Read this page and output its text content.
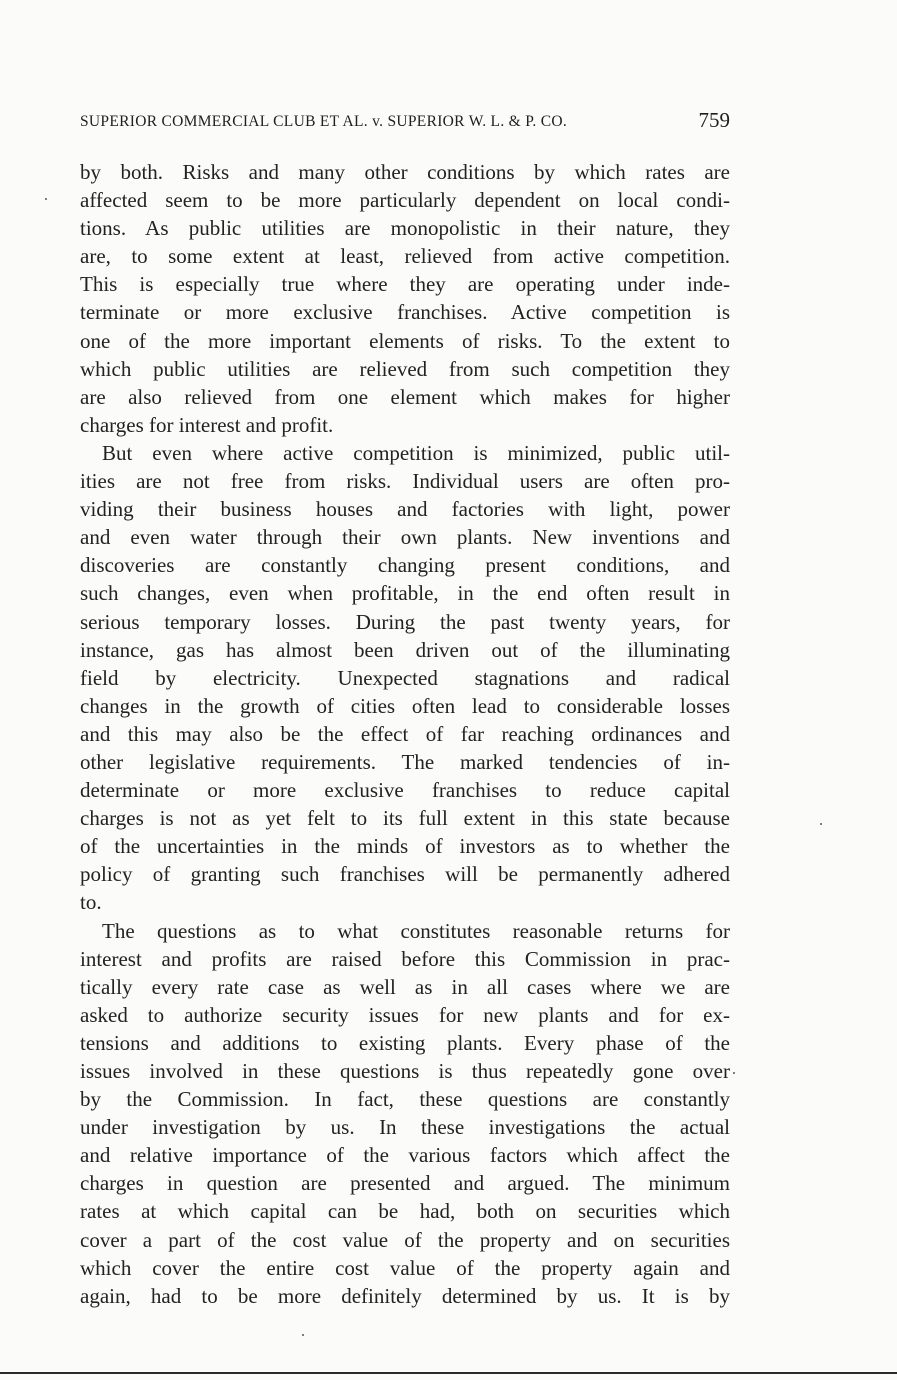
SUPERIOR COMMERCIAL CLUB ET AL. v. SUPERIOR W. L. & P. CO.	759
by both. Risks and many other conditions by which rates are
affected seem to be more particularly dependent on local condi-
tions. As public utilities are monopolistic in their nature, they
are, to some extent at least, relieved from active competition.
This is especially true where they are operating under inde-
terminate or more exclusive franchises. Active competition is
one of the more important elements of risks. To the extent to
which public utilities are relieved from such competition they
are also relieved from one element which makes for higher
charges for interest and profit.
But even where active competition is minimized, public util-
ities are not free from risks. Individual users are often pro-
viding their business houses and factories with light, power
and even water through their own plants. New inventions and
discoveries are constantly changing present conditions, and
such changes, even when profitable, in the end often result in
serious temporary losses. During the past twenty years, for
instance, gas has almost been driven out of the illuminating
field by electricity. Unexpected stagnations and radical
changes in the growth of cities often lead to considerable losses
and this may also be the effect of far reaching ordinances and
other legislative requirements. The marked tendencies of in-
determinate or more exclusive franchises to reduce capital
charges is not as yet felt to its full extent in this state because
of the uncertainties in the minds of investors as to whether the
policy of granting such franchises will be permanently adhered
to.
The questions as to what constitutes reasonable returns for
interest and profits are raised before this Commission in prac-
tically every rate case as well as in all cases where we are
asked to authorize security issues for new plants and for ex-
tensions and additions to existing plants. Every phase of the
issues involved in these questions is thus repeatedly gone over
by the Commission. In fact, these questions are constantly
under investigation by us. In these investigations the actual
and relative importance of the various factors which affect the
charges in question are presented and argued. The minimum
rates at which capital can be had, both on securities which
cover a part of the cost value of the property and on securities
which cover the entire cost value of the property again and
again, had to be more definitely determined by us. It is by
